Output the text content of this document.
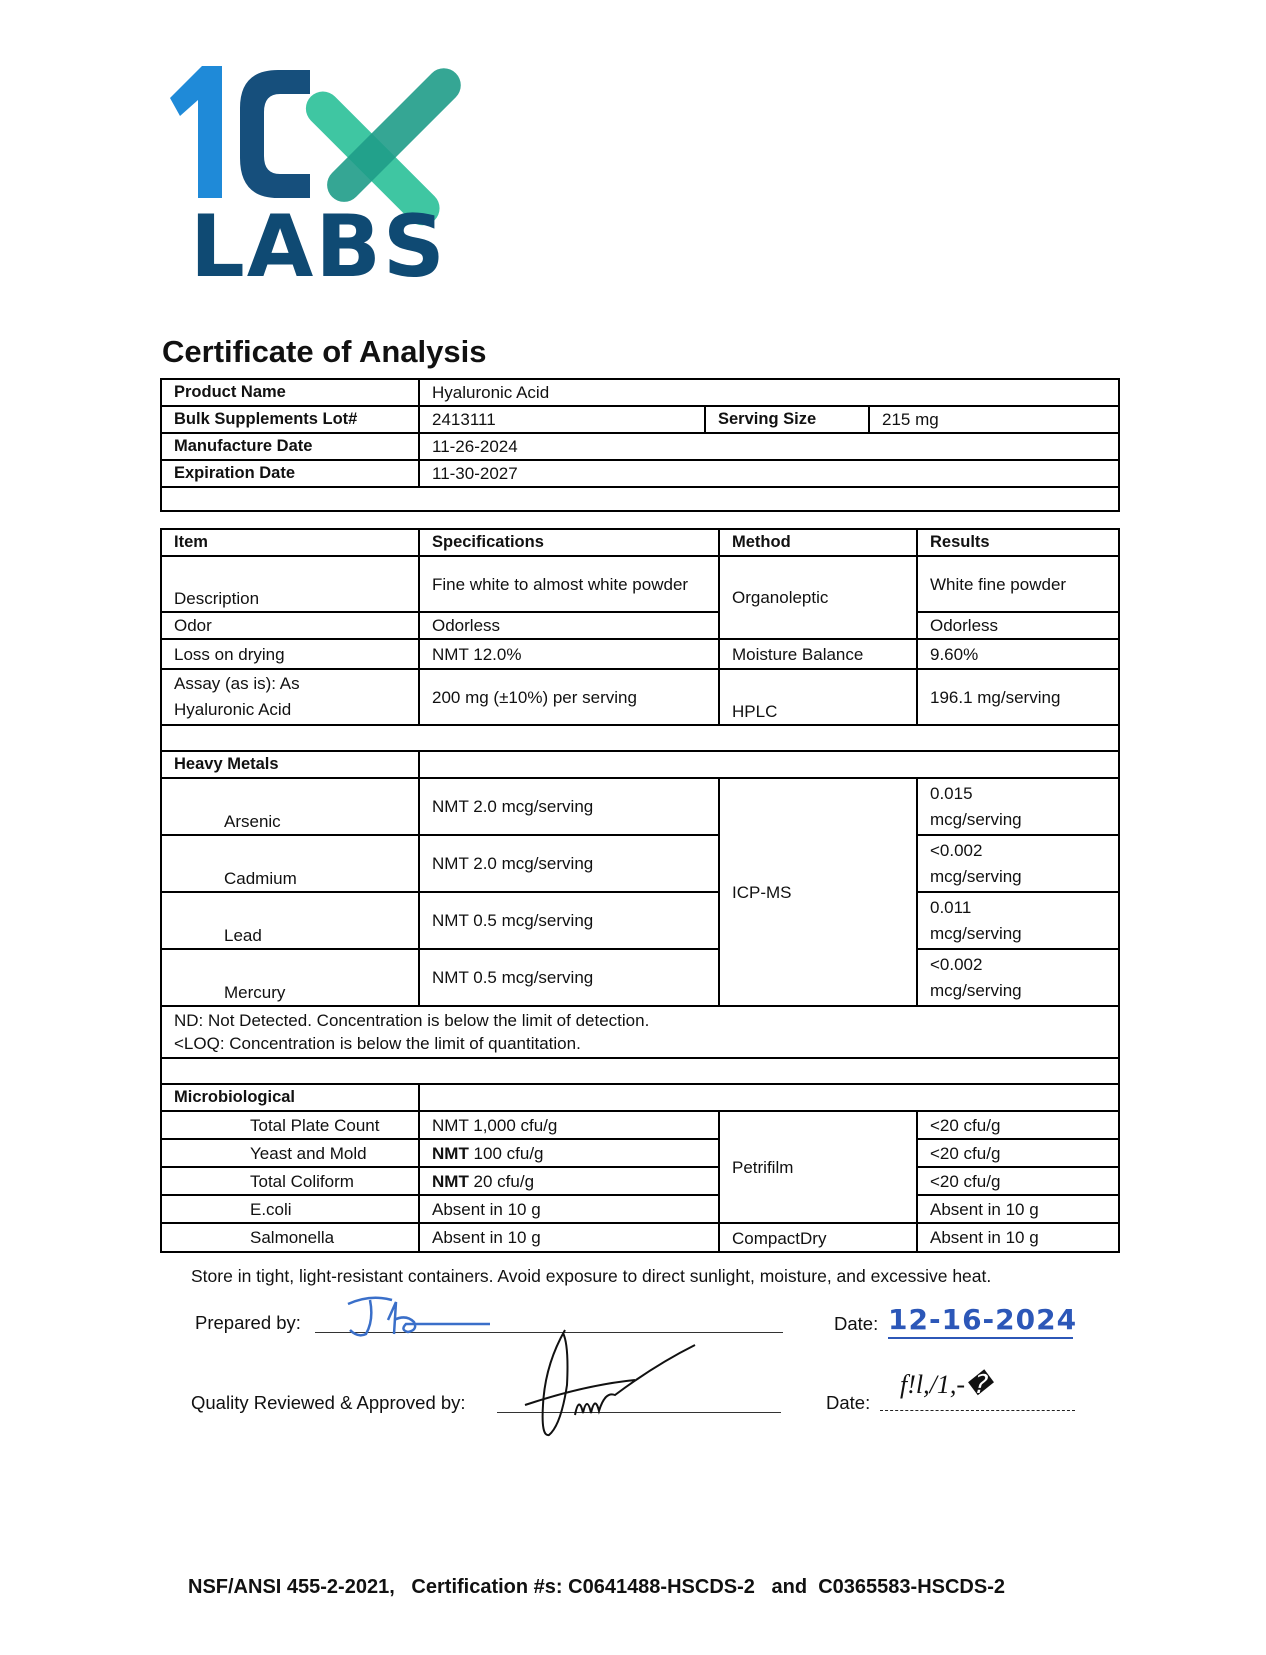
LABS
Certificate of Analysis
Product Name	Hyaluronic Acid		
Bulk Supplements Lot#	2413111	Serving Size	215 mg
Manufacture Date	11-26-2024		
Expiration Date	11-30-2027		

Item	Specifications	Method	Results
Description	Fine white to almost white powder	Organoleptic	White fine powder
Odor	Odorless		Odorless
Loss on drying	NMT 12.0%	Moisture Balance	9.60%

Assay (as is): As
Hyaluronic Acid	200 mg (±10%) per serving	HPLC	196.1 mg/serving

Heavy Metals			
Arsenic	NMT 2.0 mcg/serving	ICP-MS	0.015
mcg/serving

Cadmium	NMT 2.0 mcg/serving		<0.002
mcg/serving

Lead	NMT 0.5 mcg/serving		0.011
mcg/serving

Mercury	NMT 0.5 mcg/serving		<0.002
mcg/serving

ND: Not Detected. Concentration is below the limit of detection.
<LOQ: Concentration is below the limit of quantitation.			

Microbiological			
Total Plate Count	NMT 1,000 cfu/g	Petrifilm	<20 cfu/g
Yeast and Mold	NMT 100 cfu/g		<20 cfu/g
Total Coliform	NMT 20 cfu/g		<20 cfu/g
E.coli	Absent in 10 g		Absent in 10 g
Salmonella	Absent in 10 g	CompactDry	Absent in 10 g
Store in tight, light-resistant containers. Avoid exposure to direct sunlight, moisture, and excessive heat.
Prepared by:	Date: 12-16-2024
Quality Reviewed & Approved by:	Date:
f!l,/1,-�
NSF/ANSI 455-2-2021,   Certification #s: C0641488-HSCDS-2   and  C0365583-HSCDS-2
